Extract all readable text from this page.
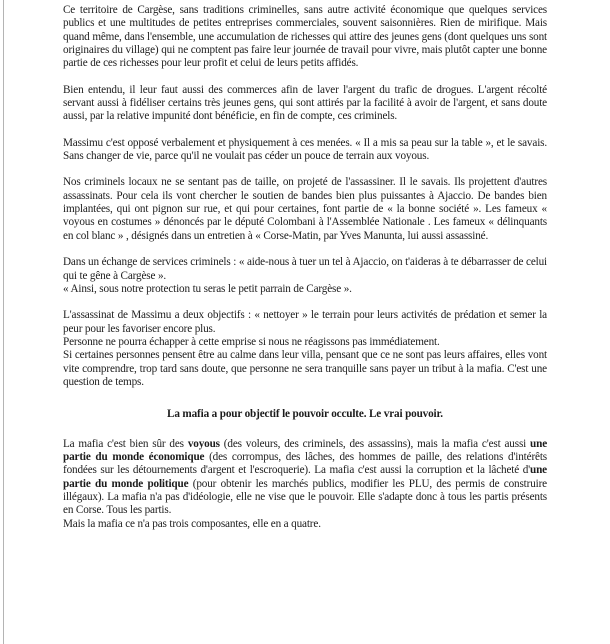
Ce territoire de Cargèse, sans traditions criminelles, sans autre activité économique que quelques services publics et une multitudes de petites entreprises commerciales, souvent saisonnières. Rien de mirifique. Mais quand même, dans l'ensemble, une accumulation de richesses qui attire des jeunes gens (dont quelques uns sont originaires du village) qui ne comptent pas faire leur journée de travail pour vivre, mais plutôt capter une bonne partie de ces richesses pour leur profit et celui de leurs petits affidés.

Bien entendu, il leur faut aussi des commerces afin de laver l'argent du trafic de drogues. L'argent récolté servant aussi à fidéliser certains très jeunes gens, qui sont attirés par la facilité à avoir de l'argent, et sans doute aussi, par la relative impunité dont bénéficie, en fin de compte, ces criminels.

Massimu c'est opposé verbalement et physiquement à ces menées. « Il a mis sa peau sur la table », et le savais. Sans changer de vie, parce qu'il ne voulait pas céder un pouce de terrain aux voyous.

Nos criminels locaux ne se sentant pas de taille, on projeté de l'assassiner. Il le savais. Ils projettent d'autres assassinats. Pour cela ils vont chercher le soutien de bandes bien plus puissantes à Ajaccio. De bandes bien implantées, qui ont pignon sur rue, et qui pour certaines, font partie de « la bonne société ». Les fameux « voyous en costumes » dénoncés par le député Colombani à l'Assemblée Nationale . Les fameux « délinquants en col blanc » , désignés dans un entretien à « Corse-Matin, par Yves Manunta, lui aussi assassiné.

Dans un échange de services criminels : « aide-nous à tuer un tel à Ajaccio, on t'aideras à te débarrasser de celui qui te gêne à Cargèse ».
« Ainsi, sous notre protection tu seras le petit parrain de Cargèse ».

L'assassinat de Massimu a deux objectifs : « nettoyer » le terrain pour leurs activités de prédation et semer la peur pour les favoriser encore plus.
Personne ne pourra échapper à cette emprise si nous ne réagissons pas immédiatement.
Si certaines personnes pensent être au calme dans leur villa, pensant que ce ne sont pas leurs affaires, elles vont vite comprendre, trop tard sans doute, que personne ne sera tranquille sans payer un tribut à la mafia. C'est une question de temps.

La mafia a pour objectif le pouvoir occulte. Le vrai pouvoir.

La mafia c'est bien sûr des voyous (des voleurs, des criminels, des assassins), mais la mafia c'est aussi une partie du monde économique (des corrompus, des lâches, des hommes de paille, des relations d'intérêts fondées sur les détournements d'argent et l'escroquerie). La mafia c'est aussi la corruption et la lâcheté d'une partie du monde politique (pour obtenir les marchés publics, modifier les PLU, des permis de construire illégaux). La mafia n'a pas d'idéologie, elle ne vise que le pouvoir. Elle s'adapte donc à tous les partis présents en Corse. Tous les partis.
Mais la mafia ce n'a pas trois composantes, elle en a quatre.
